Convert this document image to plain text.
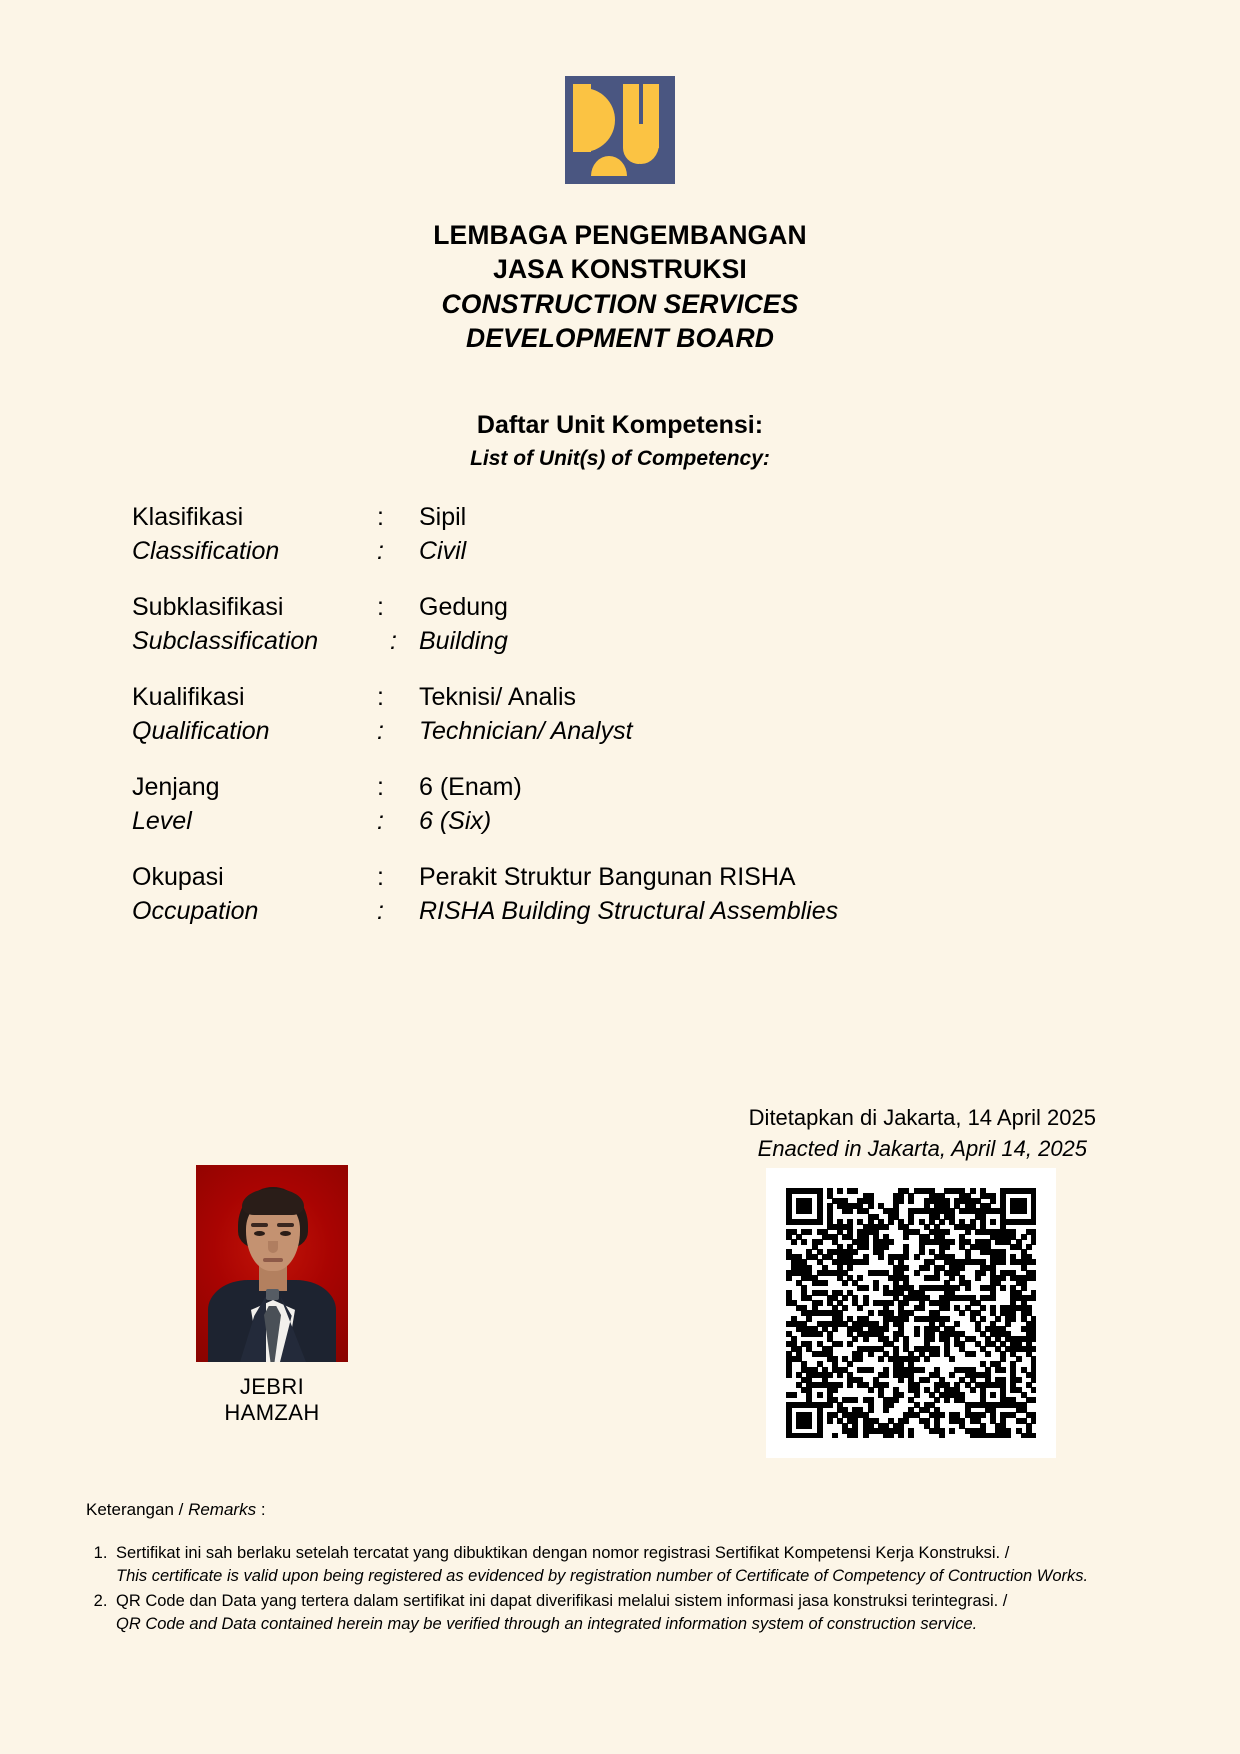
LEMBAGA PENGEMBANGAN
JASA KONSTRUKSI
CONSTRUCTION SERVICES
DEVELOPMENT BOARD
Daftar Unit Kompetensi:
List of Unit(s) of Competency:
Klasifikasi	:	Sipil
Classification	:	Civil
Subklasifikasi	:	Gedung
Subclassification	: Building
Kualifikasi	:	Teknisi/ Analis
Qualification	:	Technician/ Analyst
Jenjang	:	6 (Enam)
Level	:	6 (Six)
Okupasi	:	Perakit Struktur Bangunan RISHA
Occupation	:	RISHA Building Structural Assemblies
Ditetapkan di Jakarta, 14 April 2025
Enacted in Jakarta, April 14, 2025
JEBRI HAMZAH
Keterangan / Remarks :
1. Sertifikat ini sah berlaku setelah tercatat yang dibuktikan dengan nomor registrasi Sertifikat Kompetensi Kerja Konstruksi. /
This certificate is valid upon being registered as evidenced by registration number of Certificate of Competency of Contruction Works.
2. QR Code dan Data yang tertera dalam sertifikat ini dapat diverifikasi melalui sistem informasi jasa konstruksi terintegrasi. /
QR Code and Data contained herein may be verified through an integrated information system of construction service.
